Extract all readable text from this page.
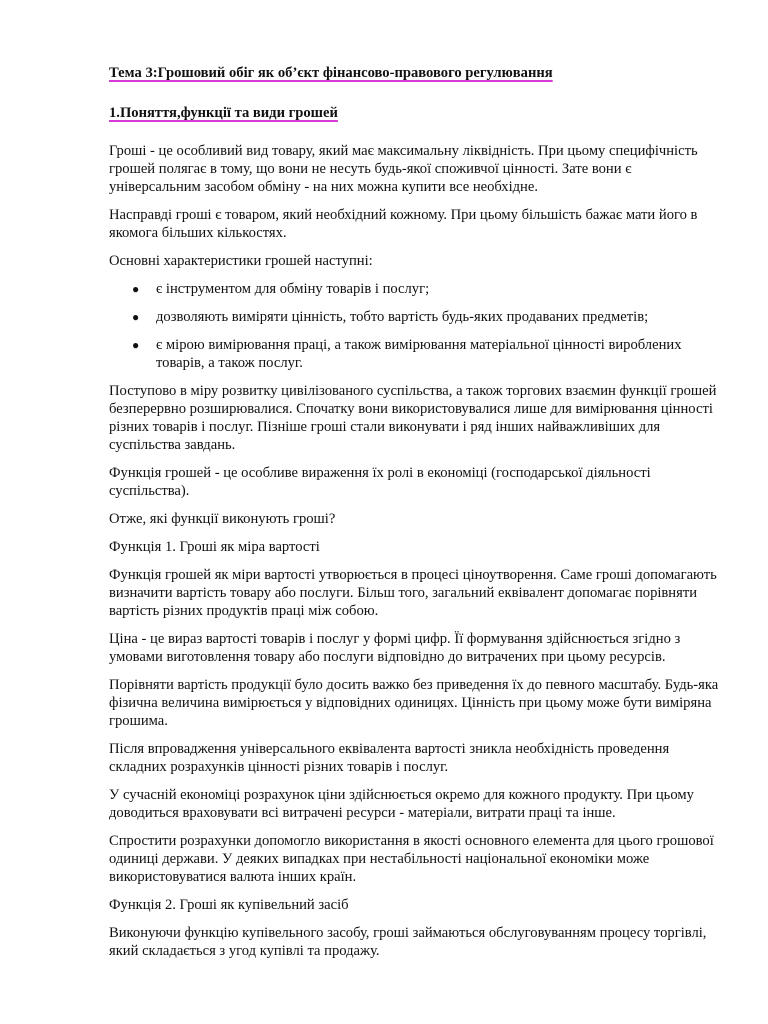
Тема 3:Грошовий обіг як об’єкт фінансово-правового регулювання
1.Поняття,функції та види грошей

Гроші - це особливий вид товару, який має максимальну ліквідність. При цьому специфічність грошей полягає в тому, що вони не несуть будь-якої споживчої цінності. Зате вони є універсальним засобом обміну - на них можна купити все необхідне.

Насправді гроші є товаром, який необхідний кожному. При цьому більшість бажає мати його в якомога більших кількостях.

Основні характеристики грошей наступні:

● є інструментом для обміну товарів і послуг;
● дозволяють виміряти цінність, тобто вартість будь-яких продаваних предметів;
● є мірою вимірювання праці, а також вимірювання матеріальної цінності вироблених товарів, а також послуг.

Поступово в міру розвитку цивілізованого суспільства, а також торгових взаємин функції грошей безперервно розширювалися. Спочатку вони використовувалися лише для вимірювання цінності різних товарів і послуг. Пізніше гроші стали виконувати і ряд інших найважливіших для суспільства завдань.

Функція грошей - це особливе вираження їх ролі в економіці (господарської діяльності суспільства).

Отже, які функції виконують гроші?

Функція 1. Гроші як міра вартості

Функція грошей як міри вартості утворюється в процесі ціноутворення. Саме гроші допомагають визначити вартість товару або послуги. Більш того, загальний еквівалент допомагає порівняти вартість різних продуктів праці між собою.

Ціна - це вираз вартості товарів і послуг у формі цифр. Її формування здійснюється згідно з умовами виготовлення товару або послуги відповідно до витрачених при цьому ресурсів.

Порівняти вартість продукції було досить важко без приведення їх до певного масштабу. Будь-яка фізична величина вимірюється у відповідних одиницях. Цінність при цьому може бути виміряна грошима.

Після впровадження універсального еквівалента вартості зникла необхідність проведення складних розрахунків цінності різних товарів і послуг.

У сучасній економіці розрахунок ціни здійснюється окремо для кожного продукту. При цьому доводиться враховувати всі витрачені ресурси - матеріали, витрати праці та інше.

Спростити розрахунки допомогло використання в якості основного елемента для цього грошової одиниці держави. У деяких випадках при нестабільності національної економіки може використовуватися валюта інших країн.

Функція 2. Гроші як купівельний засіб

Виконуючи функцію купівельного засобу, гроші займаються обслуговуванням процесу торгівлі, який складається з угод купівлі та продажу.
